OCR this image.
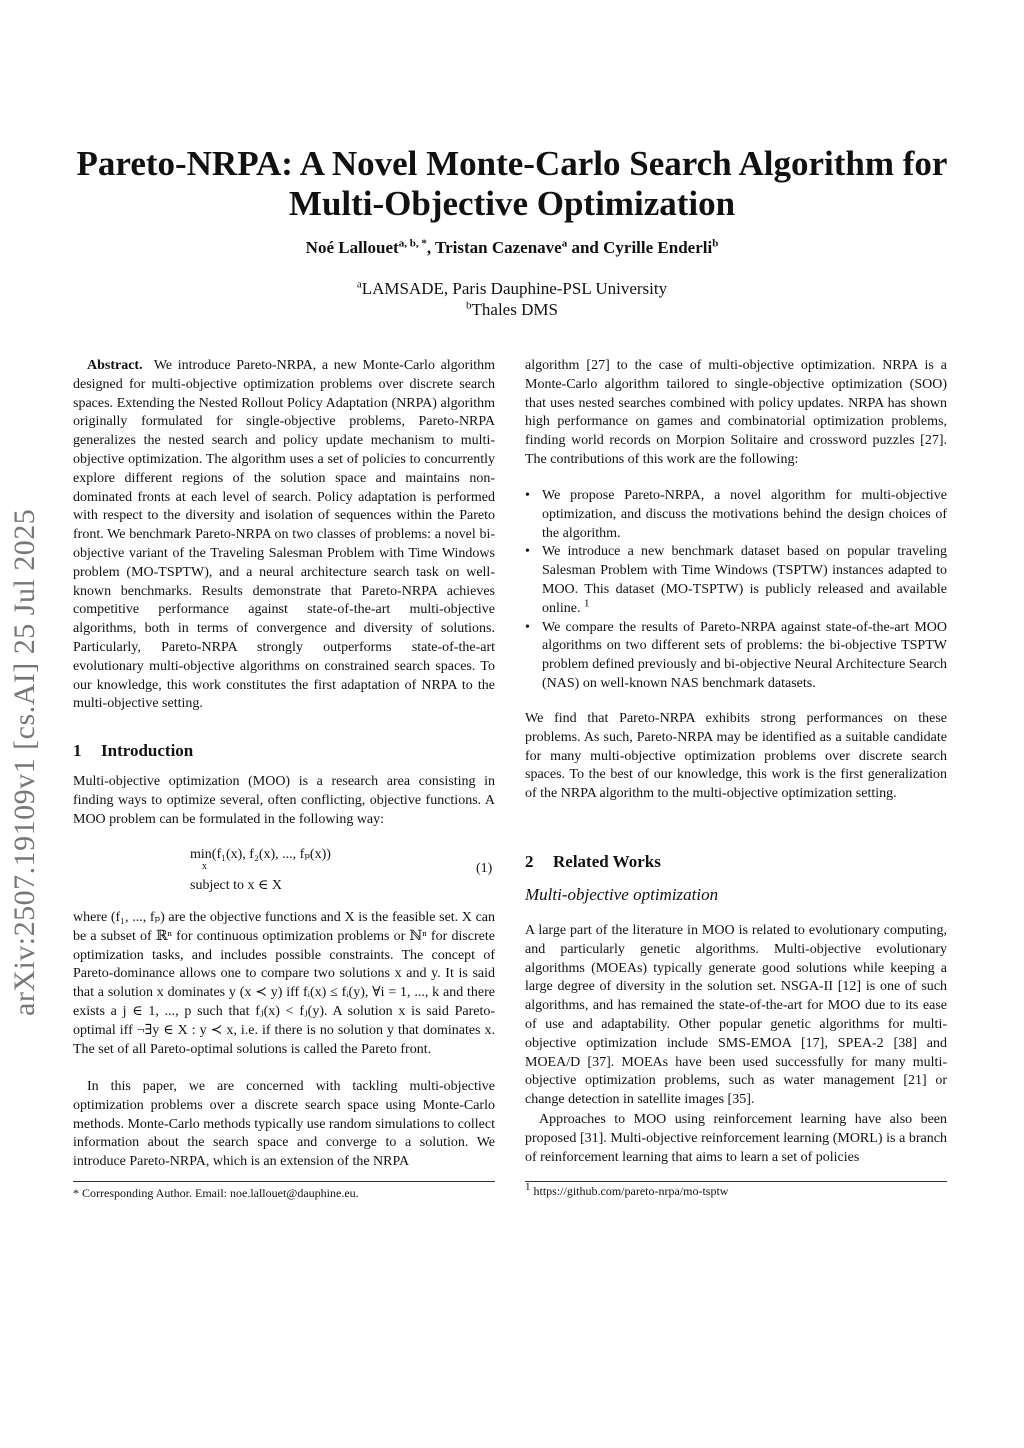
Pareto-NRPA: A Novel Monte-Carlo Search Algorithm for
Multi-Objective Optimization
Noé Lallouet$^{a, b, *}$, Tristan Cazenave$^a$ and Cyrille Enderli$^b$
$^a$LAMSADE, Paris Dauphine-PSL University
$^b$Thales DMS
arXiv:2507.19109v1 [cs.AI] 25 Jul 2025

Abstract. We introduce Pareto-NRPA, a new Monte-Carlo algorithm designed for multi-objective optimization problems over discrete search spaces. Extending the Nested Rollout Policy Adaptation (NRPA) algorithm originally formulated for single-objective problems, Pareto-NRPA generalizes the nested search and policy update mechanism to multi-objective optimization. The algorithm uses a set of policies to concurrently explore different regions of the solution space and maintains non-dominated fronts at each level of search. Policy adaptation is performed with respect to the diversity and isolation of sequences within the Pareto front. We benchmark Pareto-NRPA on two classes of problems: a novel bi-objective variant of the Traveling Salesman Problem with Time Windows problem (MO-TSPTW), and a neural architecture search task on well-known benchmarks. Results demonstrate that Pareto-NRPA achieves competitive performance against state-of-the-art multi-objective algorithms, both in terms of convergence and diversity of solutions. Particularly, Pareto-NRPA strongly outperforms state-of-the-art evolutionary multi-objective algorithms on constrained search spaces. To our knowledge, this work constitutes the first adaptation of NRPA to the multi-objective setting.

1 Introduction

Multi-objective optimization (MOO) is a research area consisting in finding ways to optimize several, often conflicting, objective functions. A MOO problem can be formulated in the following way:

min(f₁(x), f₂(x), ..., fₚ(x))
x
subject to x ∈ X
(1)

where (f₁, ..., fₚ) are the objective functions and X is the feasible set. X can be a subset of ℝⁿ for continuous optimization problems or ℕⁿ for discrete optimization tasks, and includes possible constraints. The concept of Pareto-dominance allows one to compare two solutions x and y. It is said that a solution x dominates y (x ≺ y) iff fᵢ(x) ≤ fᵢ(y), ∀i = 1, ..., k and there exists a j ∈ 1, ..., p such that fⱼ(x) < fⱼ(y). A solution x is said Pareto-optimal iff ¬∃y ∈ X : y ≺ x, i.e. if there is no solution y that dominates x. The set of all Pareto-optimal solutions is called the Pareto front.

In this paper, we are concerned with tackling multi-objective optimization problems over a discrete search space using Monte-Carlo methods. Monte-Carlo methods typically use random simulations to collect information about the search space and converge to a solution. We introduce Pareto-NRPA, which is an extension of the NRPA

* Corresponding Author. Email: noe.lallouet@dauphine.eu.

algorithm [27] to the case of multi-objective optimization. NRPA is a Monte-Carlo algorithm tailored to single-objective optimization (SOO) that uses nested searches combined with policy updates. NRPA has shown high performance on games and combinatorial optimization problems, finding world records on Morpion Solitaire and crossword puzzles [27]. The contributions of this work are the following:

• We propose Pareto-NRPA, a novel algorithm for multi-objective optimization, and discuss the motivations behind the design choices of the algorithm.
• We introduce a new benchmark dataset based on popular traveling Salesman Problem with Time Windows (TSPTW) instances adapted to MOO. This dataset (MO-TSPTW) is publicly released and available online. $^1$
• We compare the results of Pareto-NRPA against state-of-the-art MOO algorithms on two different sets of problems: the bi-objective TSPTW problem defined previously and bi-objective Neural Architecture Search (NAS) on well-known NAS benchmark datasets.

We find that Pareto-NRPA exhibits strong performances on these problems. As such, Pareto-NRPA may be identified as a suitable candidate for many multi-objective optimization problems over discrete search spaces. To the best of our knowledge, this work is the first generalization of the NRPA algorithm to the multi-objective optimization setting.

2 Related Works
Multi-objective optimization

A large part of the literature in MOO is related to evolutionary computing, and particularly genetic algorithms. Multi-objective evolutionary algorithms (MOEAs) typically generate good solutions while keeping a large degree of diversity in the solution set. NSGA-II [12] is one of such algorithms, and has remained the state-of-the-art for MOO due to its ease of use and adaptability. Other popular genetic algorithms for multi-objective optimization include SMS-EMOA [17], SPEA-2 [38] and MOEA/D [37]. MOEAs have been used successfully for many multi-objective optimization problems, such as water management [21] or change detection in satellite images [35].

Approaches to MOO using reinforcement learning have also been proposed [31]. Multi-objective reinforcement learning (MORL) is a branch of reinforcement learning that aims to learn a set of policies

$^1$ https://github.com/pareto-nrpa/mo-tsptw
